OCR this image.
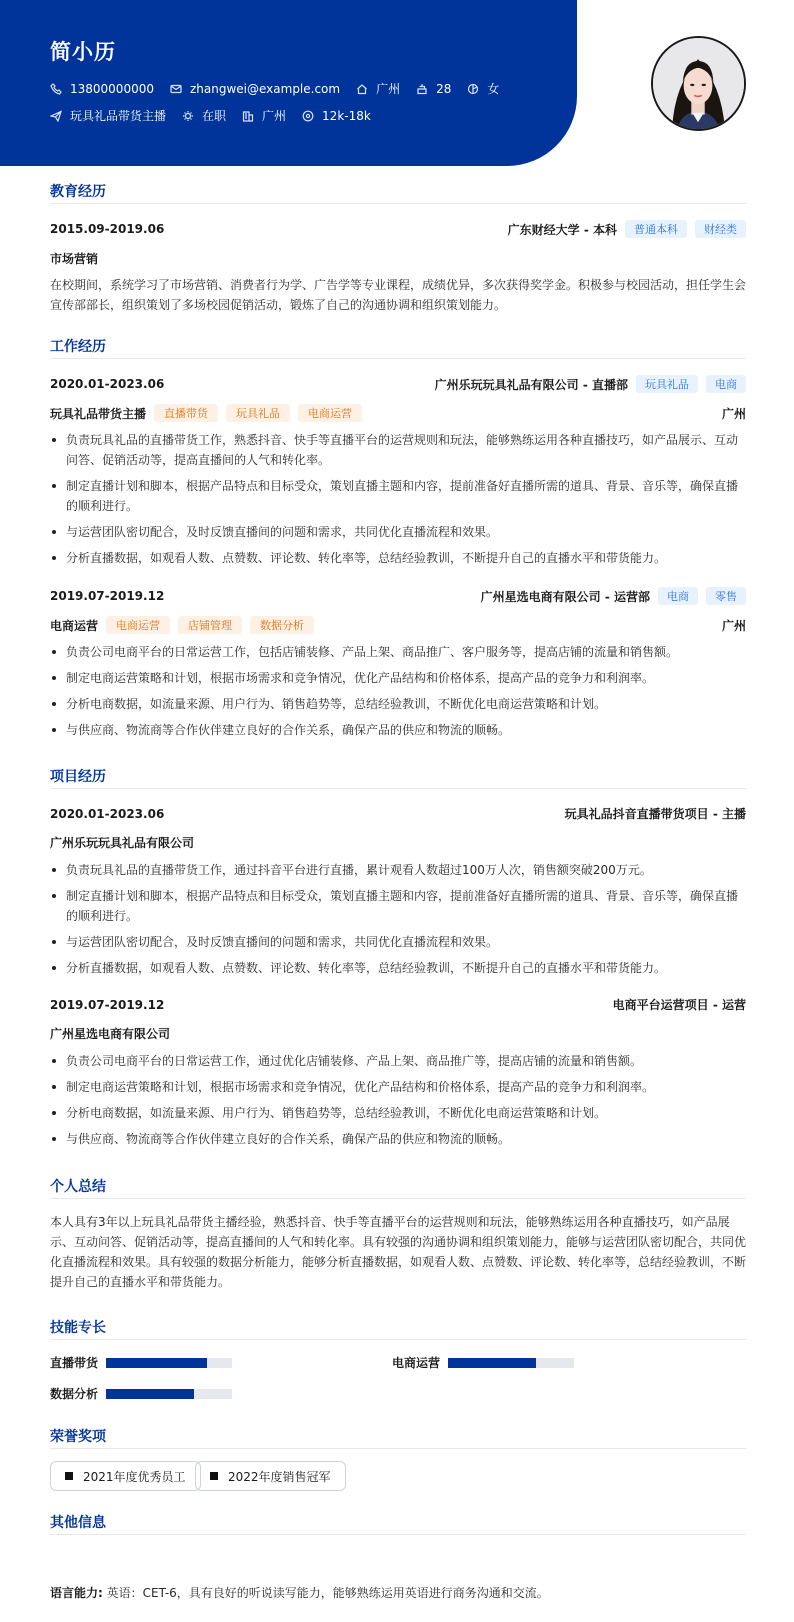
简小历
13800000000	zhangwei@example.com	广州	28	女
玩具礼品带货主播	在职	广州	12k-18k
教育经历
2015.09-2019.06	广东财经大学 - 本科	普通本科	财经类
市场营销
在校期间，系统学习了市场营销、消费者行为学、广告学等专业课程，成绩优异，多次获得奖学金。积极参与校园活动，担任学生会宣传部部长，组织策划了多场校园促销活动，锻炼了自己的沟通协调和组织策划能力。
工作经历
2020.01-2023.06	广州乐玩玩具礼品有限公司 - 直播部	玩具礼品	电商
玩具礼品带货主播	直播带货	玩具礼品	电商运营	广州
负责玩具礼品的直播带货工作，熟悉抖音、快手等直播平台的运营规则和玩法，能够熟练运用各种直播技巧，如产品展示、互动问答、促销活动等，提高直播间的人气和转化率。
制定直播计划和脚本，根据产品特点和目标受众，策划直播主题和内容，提前准备好直播所需的道具、背景、音乐等，确保直播的顺利进行。
与运营团队密切配合，及时反馈直播间的问题和需求，共同优化直播流程和效果。
分析直播数据，如观看人数、点赞数、评论数、转化率等，总结经验教训，不断提升自己的直播水平和带货能力。
2019.07-2019.12	广州星选电商有限公司 - 运营部	电商	零售
电商运营	电商运营	店铺管理	数据分析	广州
负责公司电商平台的日常运营工作，包括店铺装修、产品上架、商品推广、客户服务等，提高店铺的流量和销售额。
制定电商运营策略和计划，根据市场需求和竞争情况，优化产品结构和价格体系，提高产品的竞争力和利润率。
分析电商数据，如流量来源、用户行为、销售趋势等，总结经验教训，不断优化电商运营策略和计划。
与供应商、物流商等合作伙伴建立良好的合作关系，确保产品的供应和物流的顺畅。
项目经历
2020.01-2023.06	玩具礼品抖音直播带货项目 - 主播
广州乐玩玩具礼品有限公司
负责玩具礼品的直播带货工作，通过抖音平台进行直播，累计观看人数超过100万人次，销售额突破200万元。
制定直播计划和脚本，根据产品特点和目标受众，策划直播主题和内容，提前准备好直播所需的道具、背景、音乐等，确保直播的顺利进行。
与运营团队密切配合，及时反馈直播间的问题和需求，共同优化直播流程和效果。
分析直播数据，如观看人数、点赞数、评论数、转化率等，总结经验教训，不断提升自己的直播水平和带货能力。
2019.07-2019.12	电商平台运营项目 - 运营
广州星选电商有限公司
负责公司电商平台的日常运营工作，通过优化店铺装修、产品上架、商品推广等，提高店铺的流量和销售额。
制定电商运营策略和计划，根据市场需求和竞争情况，优化产品结构和价格体系，提高产品的竞争力和利润率。
分析电商数据，如流量来源、用户行为、销售趋势等，总结经验教训，不断优化电商运营策略和计划。
与供应商、物流商等合作伙伴建立良好的合作关系，确保产品的供应和物流的顺畅。
个人总结
本人具有3年以上玩具礼品带货主播经验，熟悉抖音、快手等直播平台的运营规则和玩法，能够熟练运用各种直播技巧，如产品展示、互动问答、促销活动等，提高直播间的人气和转化率。具有较强的沟通协调和组织策划能力，能够与运营团队密切配合，共同优化直播流程和效果。具有较强的数据分析能力，能够分析直播数据，如观看人数、点赞数、评论数、转化率等，总结经验教训，不断提升自己的直播水平和带货能力。
技能专长
直播带货	电商运营
数据分析
荣誉奖项
2021年度优秀员工	2022年度销售冠军
其他信息
语言能力: 英语：CET-6，具有良好的听说读写能力，能够熟练运用英语进行商务沟通和交流。
